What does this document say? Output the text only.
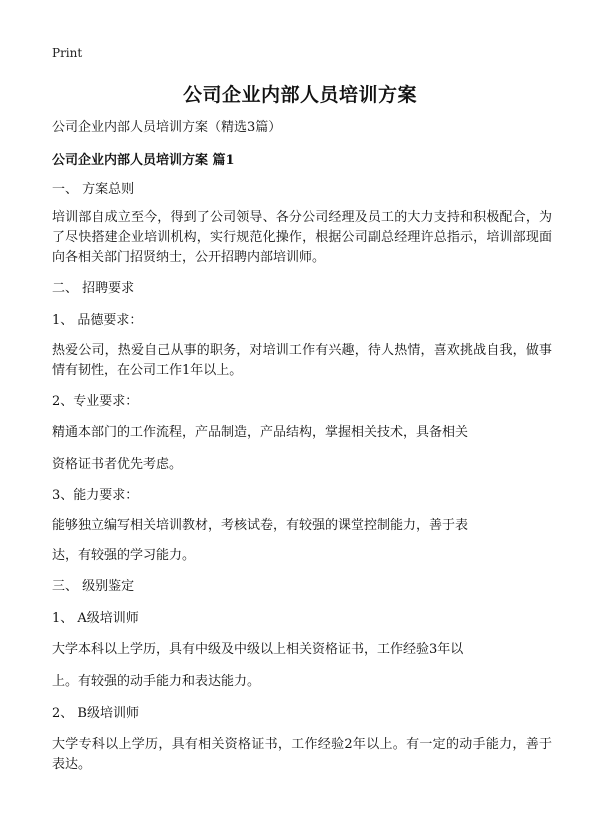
Print
公司企业内部人员培训方案
公司企业内部人员培训方案（精选3篇）
公司企业内部人员培训方案 篇1
一、 方案总则
培训部自成立至今，得到了公司领导、各分公司经理及员工的大力支持和积极配合，为了尽快搭建企业培训机构，实行规范化操作，根据公司副总经理许总指示，培训部现面向各相关部门招贤纳士，公开招聘内部培训师。
二、 招聘要求
1、 品德要求：
热爱公司，热爱自己从事的职务，对培训工作有兴趣，待人热情，喜欢挑战自我，做事情有韧性，在公司工作1年以上。
2、专业要求：
精通本部门的工作流程，产品制造，产品结构，掌握相关技术，具备相关
资格证书者优先考虑。
3、能力要求：
能够独立编写相关培训教材，考核试卷，有较强的课堂控制能力，善于表
达，有较强的学习能力。
三、 级别鉴定
1、 A级培训师
大学本科以上学历，具有中级及中级以上相关资格证书，工作经验3年以
上。有较强的动手能力和表达能力。
2、 B级培训师
大学专科以上学历，具有相关资格证书，工作经验2年以上。有一定的动手能力，善于表达。
